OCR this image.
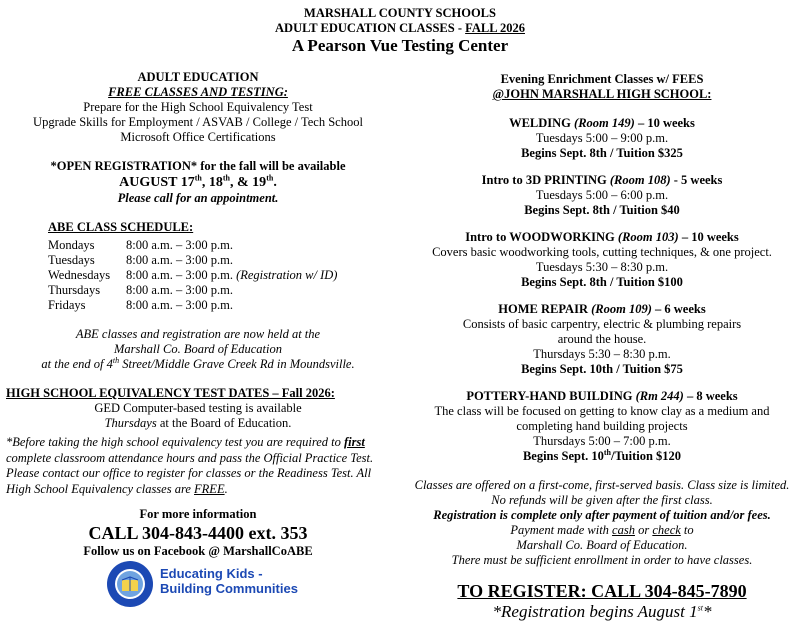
MARSHALL COUNTY SCHOOLS
ADULT EDUCATION CLASSES - FALL 2026
A Pearson Vue Testing Center
ADULT EDUCATION
FREE CLASSES AND TESTING:
Prepare for the High School Equivalency Test
Upgrade Skills for Employment / ASVAB / College / Tech School
Microsoft Office Certifications
*OPEN REGISTRATION* for the fall will be available
AUGUST 17th, 18th, & 19th.
Please call for an appointment.
ABE CLASS SCHEDULE:
Mondays	8:00 a.m. – 3:00 p.m.
Tuesdays	8:00 a.m. – 3:00 p.m.
Wednesdays	8:00 a.m. – 3:00 p.m.
(Registration w/ ID)
Thursdays	8:00 a.m. – 3:00 p.m.
Fridays	8:00 a.m. – 3:00 p.m.
ABE classes and registration are now held at the
Marshall Co. Board of Education
at the end of 4th Street/Middle Grave Creek Rd in Moundsville.
HIGH SCHOOL EQUIVALENCY TEST DATES – Fall 2026:
GED Computer-based testing is available
Thursdays at the Board of Education.
*Before taking the high school equivalency test you are required to first complete classroom attendance hours and pass the Official Practice Test. Please contact our office to register for classes or the Readiness Test. All High School Equivalency classes are FREE.
For more information
CALL 304-843-4400 ext. 353
Follow us on Facebook @ MarshallCoABE
Educating Kids -
Building Communities
Evening Enrichment Classes w/ FEES
@JOHN MARSHALL HIGH SCHOOL:
WELDING (Room 149) – 10 weeks
Tuesdays 5:00 – 9:00 p.m.
Begins Sept. 8th / Tuition $325
Intro to 3D PRINTING (Room 108) - 5 weeks
Tuesdays 5:00 – 6:00 p.m.
Begins Sept. 8th / Tuition $40
Intro to WOODWORKING (Room 103) – 10 weeks
Covers basic woodworking tools, cutting techniques, & one project.
Tuesdays 5:30 – 8:30 p.m.
Begins Sept. 8th / Tuition $100
HOME REPAIR (Room 109) – 6 weeks
Consists of basic carpentry, electric & plumbing repairs
around the house.
Thursdays 5:30 – 8:30 p.m.
Begins Sept. 10th / Tuition $75
POTTERY-HAND BUILDING (Rm 244) – 8 weeks
The class will be focused on getting to know clay as a medium and
completing hand building projects
Thursdays 5:00 – 7:00 p.m.
Begins Sept. 10th/Tuition $120
Classes are offered on a first-come, first-served basis. Class size is limited. No refunds will be given after the first class.
Registration is complete only after payment of tuition and/or fees.
Payment made with cash or check to
Marshall Co. Board of Education.
There must be sufficient enrollment in order to have classes.
TO REGISTER: CALL 304-845-7890
*Registration begins August 1st*
